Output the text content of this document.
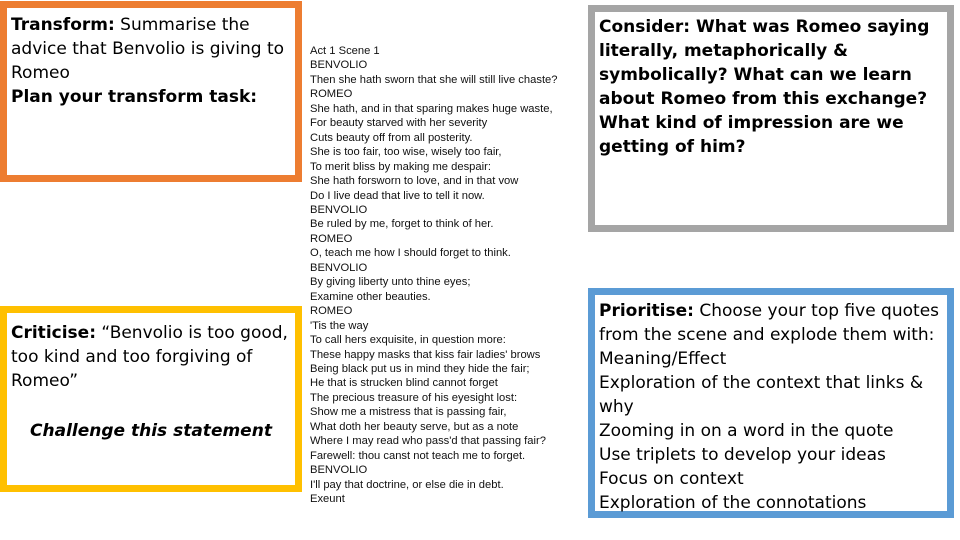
Transform: Summarise the advice that Benvolio is giving to Romeo
Plan your transform task:
Criticise: “Benvolio is too good, too kind and too forgiving of Romeo”
Challenge this statement
Act 1 Scene 1
BENVOLIO
Then she hath sworn that she will still live chaste?
ROMEO
She hath, and in that sparing makes huge waste,
For beauty starved with her severity
Cuts beauty off from all posterity.
She is too fair, too wise, wisely too fair,
To merit bliss by making me despair:
She hath forsworn to love, and in that vow
Do I live dead that live to tell it now.
BENVOLIO
Be ruled by me, forget to think of her.
ROMEO
O, teach me how I should forget to think.
BENVOLIO
By giving liberty unto thine eyes;
Examine other beauties.
ROMEO
'Tis the way
To call hers exquisite, in question more:
These happy masks that kiss fair ladies' brows
Being black put us in mind they hide the fair;
He that is strucken blind cannot forget
The precious treasure of his eyesight lost:
Show me a mistress that is passing fair,
What doth her beauty serve, but as a note
Where I may read who pass'd that passing fair?
Farewell: thou canst not teach me to forget.
BENVOLIO
I'll pay that doctrine, or else die in debt.
Exeunt
Consider: What was Romeo saying literally, metaphorically & symbolically? What can we learn about Romeo from this exchange? What kind of impression are we getting of him?
Prioritise: Choose your top five quotes from the scene and explode them with:
Meaning/Effect
Exploration of the context that links & why
Zooming in on a word in the quote
Use triplets to develop your ideas
Focus on context
Exploration of the connotations
